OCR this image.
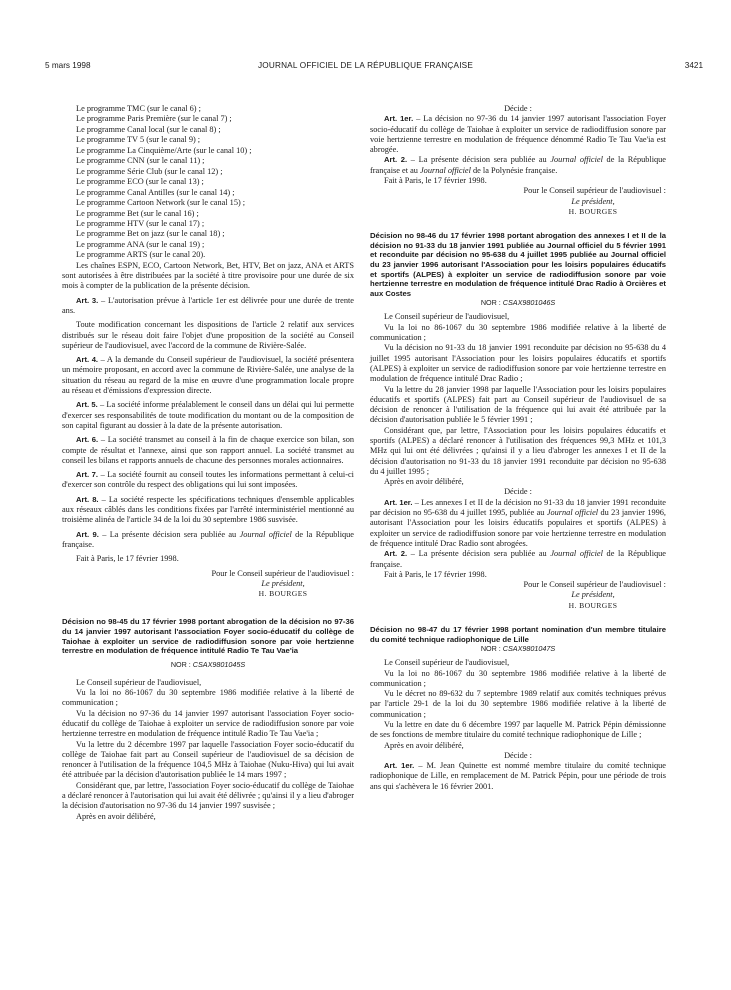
5 mars 1998	JOURNAL OFFICIEL DE LA RÉPUBLIQUE FRANÇAISE	3421

Le programme TMC (sur le canal 6) ;

Le programme Paris Première (sur le canal 7) ;

Le programme Canal local (sur le canal 8) ;

Le programme TV 5 (sur le canal 9) ;

Le programme La Cinquième/Arte (sur le canal 10) ;

Le programme CNN (sur le canal 11) ;

Le programme Série Club (sur le canal 12) ;

Le programme ECO (sur le canal 13) ;

Le programme Canal Antilles (sur le canal 14) ;

Le programme Cartoon Network (sur le canal 15) ;

Le programme Bet (sur le canal 16) ;

Le programme HTV (sur le canal 17) ;

Le programme Bet on jazz (sur le canal 18) ;

Le programme ANA (sur le canal 19) ;

Le programme ARTS (sur le canal 20).

Les chaînes ESPN, ECO, Cartoon Network, Bet, HTV, Bet on jazz, ANA et ARTS sont autorisées à être distribuées par la société à titre provisoire pour une durée de six mois à compter de la publication de la présente décision.

Art. 3. – L'autorisation prévue à l'article 1er est délivrée pour une durée de trente ans.

Toute modification concernant les dispositions de l'article 2 relatif aux services distribués sur le réseau doit faire l'objet d'une proposition de la société au Conseil supérieur de l'audiovisuel, avec l'accord de la commune de Rivière-Salée.

Art. 4. – A la demande du Conseil supérieur de l'audiovisuel, la société présentera un mémoire proposant, en accord avec la commune de Rivière-Salée, une analyse de la situation du réseau au regard de la mise en œuvre d'une programmation locale propre au réseau et d'émissions d'expression directe.

Art. 5. – La société informe préalablement le conseil dans un délai qui lui permette d'exercer ses responsabilités de toute modification du montant ou de la composition de son capital figurant au dossier à la date de la présente autorisation.

Art. 6. – La société transmet au conseil à la fin de chaque exercice son bilan, son compte de résultat et l'annexe, ainsi que son rapport annuel. La société transmet au conseil les bilans et rapports annuels de chacune des personnes morales actionnaires.

Art. 7. – La société fournit au conseil toutes les informations permettant à celui-ci d'exercer son contrôle du respect des obligations qui lui sont imposées.

Art. 8. – La société respecte les spécifications techniques d'ensemble applicables aux réseaux câblés dans les conditions fixées par l'arrêté interministériel mentionné au troisième alinéa de l'article 34 de la loi du 30 septembre 1986 susvisée.

Art. 9. – La présente décision sera publiée au Journal officiel de la République française.

Fait à Paris, le 17 février 1998.

Pour le Conseil supérieur de l'audiovisuel :

Le président,

H. BOURGES

Décision no 98-45 du 17 février 1998 portant abrogation de la décision no 97-36 du 14 janvier 1997 autorisant l'association Foyer socio-éducatif du collège de Taiohae à exploiter un service de radiodiffusion sonore par voie hertzienne terrestre en modulation de fréquence intitulé Radio Te Tau Vae'ia

NOR : CSAX9801045S

Le Conseil supérieur de l'audiovisuel,

Vu la loi no 86-1067 du 30 septembre 1986 modifiée relative à la liberté de communication ;

Vu la décision no 97-36 du 14 janvier 1997 autorisant l'association Foyer socio-éducatif du collège de Taiohae à exploiter un service de radiodiffusion sonore par voie hertzienne terrestre en modulation de fréquence intitulé Radio Te Tau Vae'ia ;

Vu la lettre du 2 décembre 1997 par laquelle l'association Foyer socio-éducatif du collège de Taiohae fait part au Conseil supérieur de l'audiovisuel de sa décision de renoncer à l'utilisation de la fréquence 104,5 MHz à Taiohae (Nuku-Hiva) qui lui avait été attribuée par la décision d'autorisation publiée le 14 mars 1997 ;

Considérant que, par lettre, l'association Foyer socio-éducatif du collège de Taiohae a déclaré renoncer à l'autorisation qui lui avait été délivrée ; qu'ainsi il y a lieu d'abroger la décision d'autorisation no 97-36 du 14 janvier 1997 susvisée ;

Après en avoir délibéré,

Décide :

Art. 1er. – La décision no 97-36 du 14 janvier 1997 autorisant l'association Foyer socio-éducatif du collège de Taiohae à exploiter un service de radiodiffusion sonore par voie hertzienne terrestre en modulation de fréquence dénommé Radio Te Tau Vae'ia est abrogée.

Art. 2. – La présente décision sera publiée au Journal officiel de la République française et au Journal officiel de la Polynésie française.

Fait à Paris, le 17 février 1998.

Pour le Conseil supérieur de l'audiovisuel :

Le président,

H. BOURGES

Décision no 98-46 du 17 février 1998 portant abrogation des annexes I et II de la décision no 91-33 du 18 janvier 1991 publiée au Journal officiel du 5 février 1991 et reconduite par décision no 95-638 du 4 juillet 1995 publiée au Journal officiel du 23 janvier 1996 autorisant l'Association pour les loisirs populaires éducatifs et sportifs (ALPES) à exploiter un service de radiodiffusion sonore par voie hertzienne terrestre en modulation de fréquence intitulé Drac Radio à Orcières et aux Costes

NOR : CSAX9801046S

Le Conseil supérieur de l'audiovisuel,

Vu la loi no 86-1067 du 30 septembre 1986 modifiée relative à la liberté de communication ;

Vu la décision no 91-33 du 18 janvier 1991 reconduite par décision no 95-638 du 4 juillet 1995 autorisant l'Association pour les loisirs populaires éducatifs et sportifs (ALPES) à exploiter un service de radiodiffusion sonore par voie hertzienne terrestre en modulation de fréquence intitulé Drac Radio ;

Vu la lettre du 28 janvier 1998 par laquelle l'Association pour les loisirs populaires éducatifs et sportifs (ALPES) fait part au Conseil supérieur de l'audiovisuel de sa décision de renoncer à l'utilisation de la fréquence qui lui avait été attribuée par la décision d'autorisation publiée le 5 février 1991 ;

Considérant que, par lettre, l'Association pour les loisirs populaires éducatifs et sportifs (ALPES) a déclaré renoncer à l'utilisation des fréquences 99,3 MHz et 101,3 MHz qui lui ont été délivrées ; qu'ainsi il y a lieu d'abroger les annexes I et II de la décision d'autorisation no 91-33 du 18 janvier 1991 reconduite par décision no 95-638 du 4 juillet 1995 ;

Après en avoir délibéré,

Décide :

Art. 1er. – Les annexes I et II de la décision no 91-33 du 18 janvier 1991 reconduite par décision no 95-638 du 4 juillet 1995, publiée au Journal officiel du 23 janvier 1996, autorisant l'Association pour les loisirs éducatifs populaires et sportifs (ALPES) à exploiter un service de radiodiffusion sonore par voie hertzienne terrestre en modulation de fréquence intitulé Drac Radio sont abrogées.

Art. 2. – La présente décision sera publiée au Journal officiel de la République française.

Fait à Paris, le 17 février 1998.

Pour le Conseil supérieur de l'audiovisuel :

Le président,

H. BOURGES

Décision no 98-47 du 17 février 1998 portant nomination d'un membre titulaire du comité technique radiophonique de Lille

NOR : CSAX9801047S

Le Conseil supérieur de l'audiovisuel,

Vu la loi no 86-1067 du 30 septembre 1986 modifiée relative à la liberté de communication ;

Vu le décret no 89-632 du 7 septembre 1989 relatif aux comités techniques prévus par l'article 29-1 de la loi du 30 septembre 1986 modifiée relative à la liberté de communication ;

Vu la lettre en date du 6 décembre 1997 par laquelle M. Patrick Pépin démissionne de ses fonctions de membre titulaire du comité technique radiophonique de Lille ;

Après en avoir délibéré,

Décide :

Art. 1er. – M. Jean Quinette est nommé membre titulaire du comité technique radiophonique de Lille, en remplacement de M. Patrick Pépin, pour une période de trois ans qui s'achèvera le 16 février 2001.
